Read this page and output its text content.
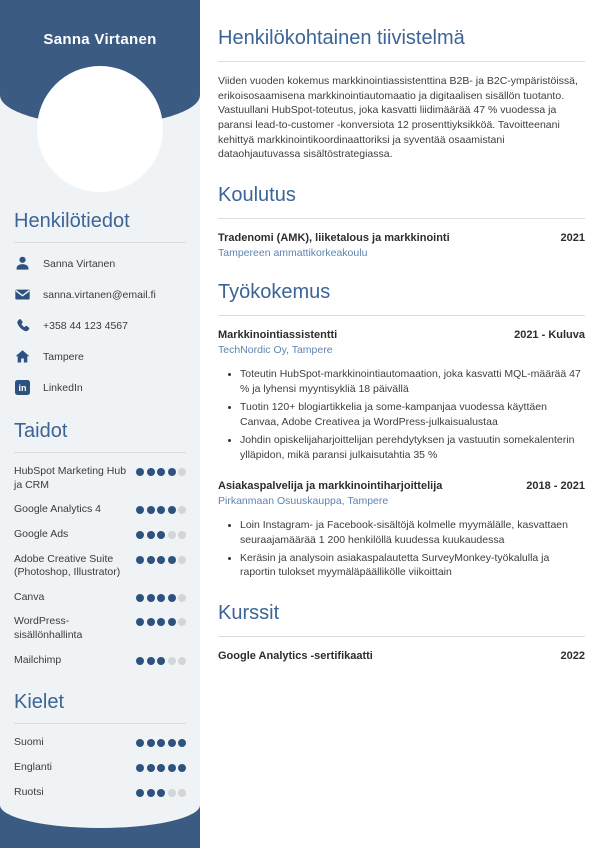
Sanna Virtanen
Henkilötiedot
Sanna Virtanen
sanna.virtanen@email.fi
+358 44 123 4567
Tampere
in	LinkedIn
Taidot
HubSpot Marketing Hub ja CRM
Google Analytics 4
Google Ads
Adobe Creative Suite (Photoshop, Illustrator)
Canva
WordPress-sisällönhallinta
Mailchimp
Kielet
Suomi
Englanti
Ruotsi
Henkilökohtainen tiivistelmä

Viiden vuoden kokemus markkinointiassistenttina B2B- ja B2C-ympäristöissä, erikoisosaamisena markkinointiautomaatio ja digitaalisen sisällön tuotanto. Vastuullani HubSpot-toteutus, joka kasvatti liidimäärää 47 % vuodessa ja paransi lead-to-customer -konversiota 12 prosenttiyksikköä. Tavoitteenani kehittyä markkinointikoordinaattoriksi ja syventää osaamistani dataohjautuvassa sisältöstrategiassa.

Koulutus
Tradenomi (AMK), liiketalous ja markkinointi	2021
Tampereen ammattikorkeakoulu
Työkokemus
Markkinointiassistentti	2021 - Kuluva
TechNordic Oy, Tampere
• Toteutin HubSpot-markkinointiautomaation, joka kasvatti MQL-määrää 47 % ja lyhensi myyntisykliä 18 päivällä
• Tuotin 120+ blogiartikkelia ja some-kampanjaa vuodessa käyttäen Canvaa, Adobe Creativea ja WordPress-julkaisualustaa
• Johdin opiskelijaharjoittelijan perehdytyksen ja vastuutin somekalenterin ylläpidon, mikä paransi julkaisutahtia 35 %
Asiakaspalvelija ja markkinointiharjoittelija	2018 - 2021
Pirkanmaan Osuuskauppa, Tampere
• Loin Instagram- ja Facebook-sisältöjä kolmelle myymälälle, kasvattaen seuraajamäärää 1 200 henkilöllä kuudessa kuukaudessa
• Keräsin ja analysoin asiakaspalautetta SurveyMonkey-työkalulla ja raportin tulokset myymäläpäällikölle viikoittain
Kurssit
Google Analytics -sertifikaatti	2022
